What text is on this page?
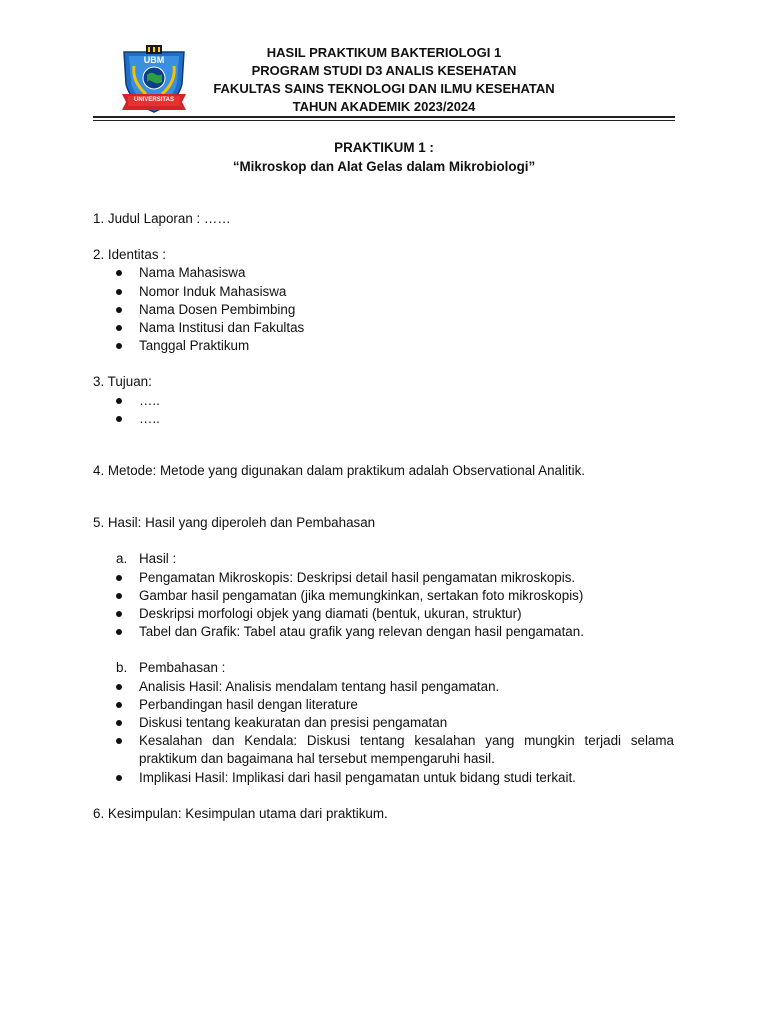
UBM
UNIVERSITAS
HASIL PRAKTIKUM BAKTERIOLOGI 1
PROGRAM STUDI D3 ANALIS KESEHATAN
FAKULTAS SAINS TEKNOLOGI DAN ILMU KESEHATAN
TAHUN AKADEMIK 2023/2024
PRAKTIKUM 1 :
“Mikroskop dan Alat Gelas dalam Mikrobiologi”

1. Judul Laporan : ……

2. Identitas :

Nama Mahasiswa
Nomor Induk Mahasiswa
Nama Dosen Pembimbing
Nama Institusi dan Fakultas
Tanggal Praktikum

3. Tujuan:

…..
…..

4. Metode: Metode yang digunakan dalam praktikum adalah Observational Analitik.

5. Hasil: Hasil yang diperoleh dan Pembahasan

a. Hasil :
Pengamatan Mikroskopis: Deskripsi detail hasil pengamatan mikroskopis.
Gambar hasil pengamatan (jika memungkinkan, sertakan foto mikroskopis)
Deskripsi morfologi objek yang diamati (bentuk, ukuran, struktur)
Tabel dan Grafik: Tabel atau grafik yang relevan dengan hasil pengamatan.
b. Pembahasan :
Analisis Hasil: Analisis mendalam tentang hasil pengamatan.
Perbandingan hasil dengan literature
Diskusi tentang keakuratan dan presisi pengamatan
Kesalahan dan Kendala: Diskusi tentang kesalahan yang mungkin terjadi selama praktikum dan bagaimana hal tersebut mempengaruhi hasil.
Implikasi Hasil: Implikasi dari hasil pengamatan untuk bidang studi terkait.

6. Kesimpulan: Kesimpulan utama dari praktikum.
